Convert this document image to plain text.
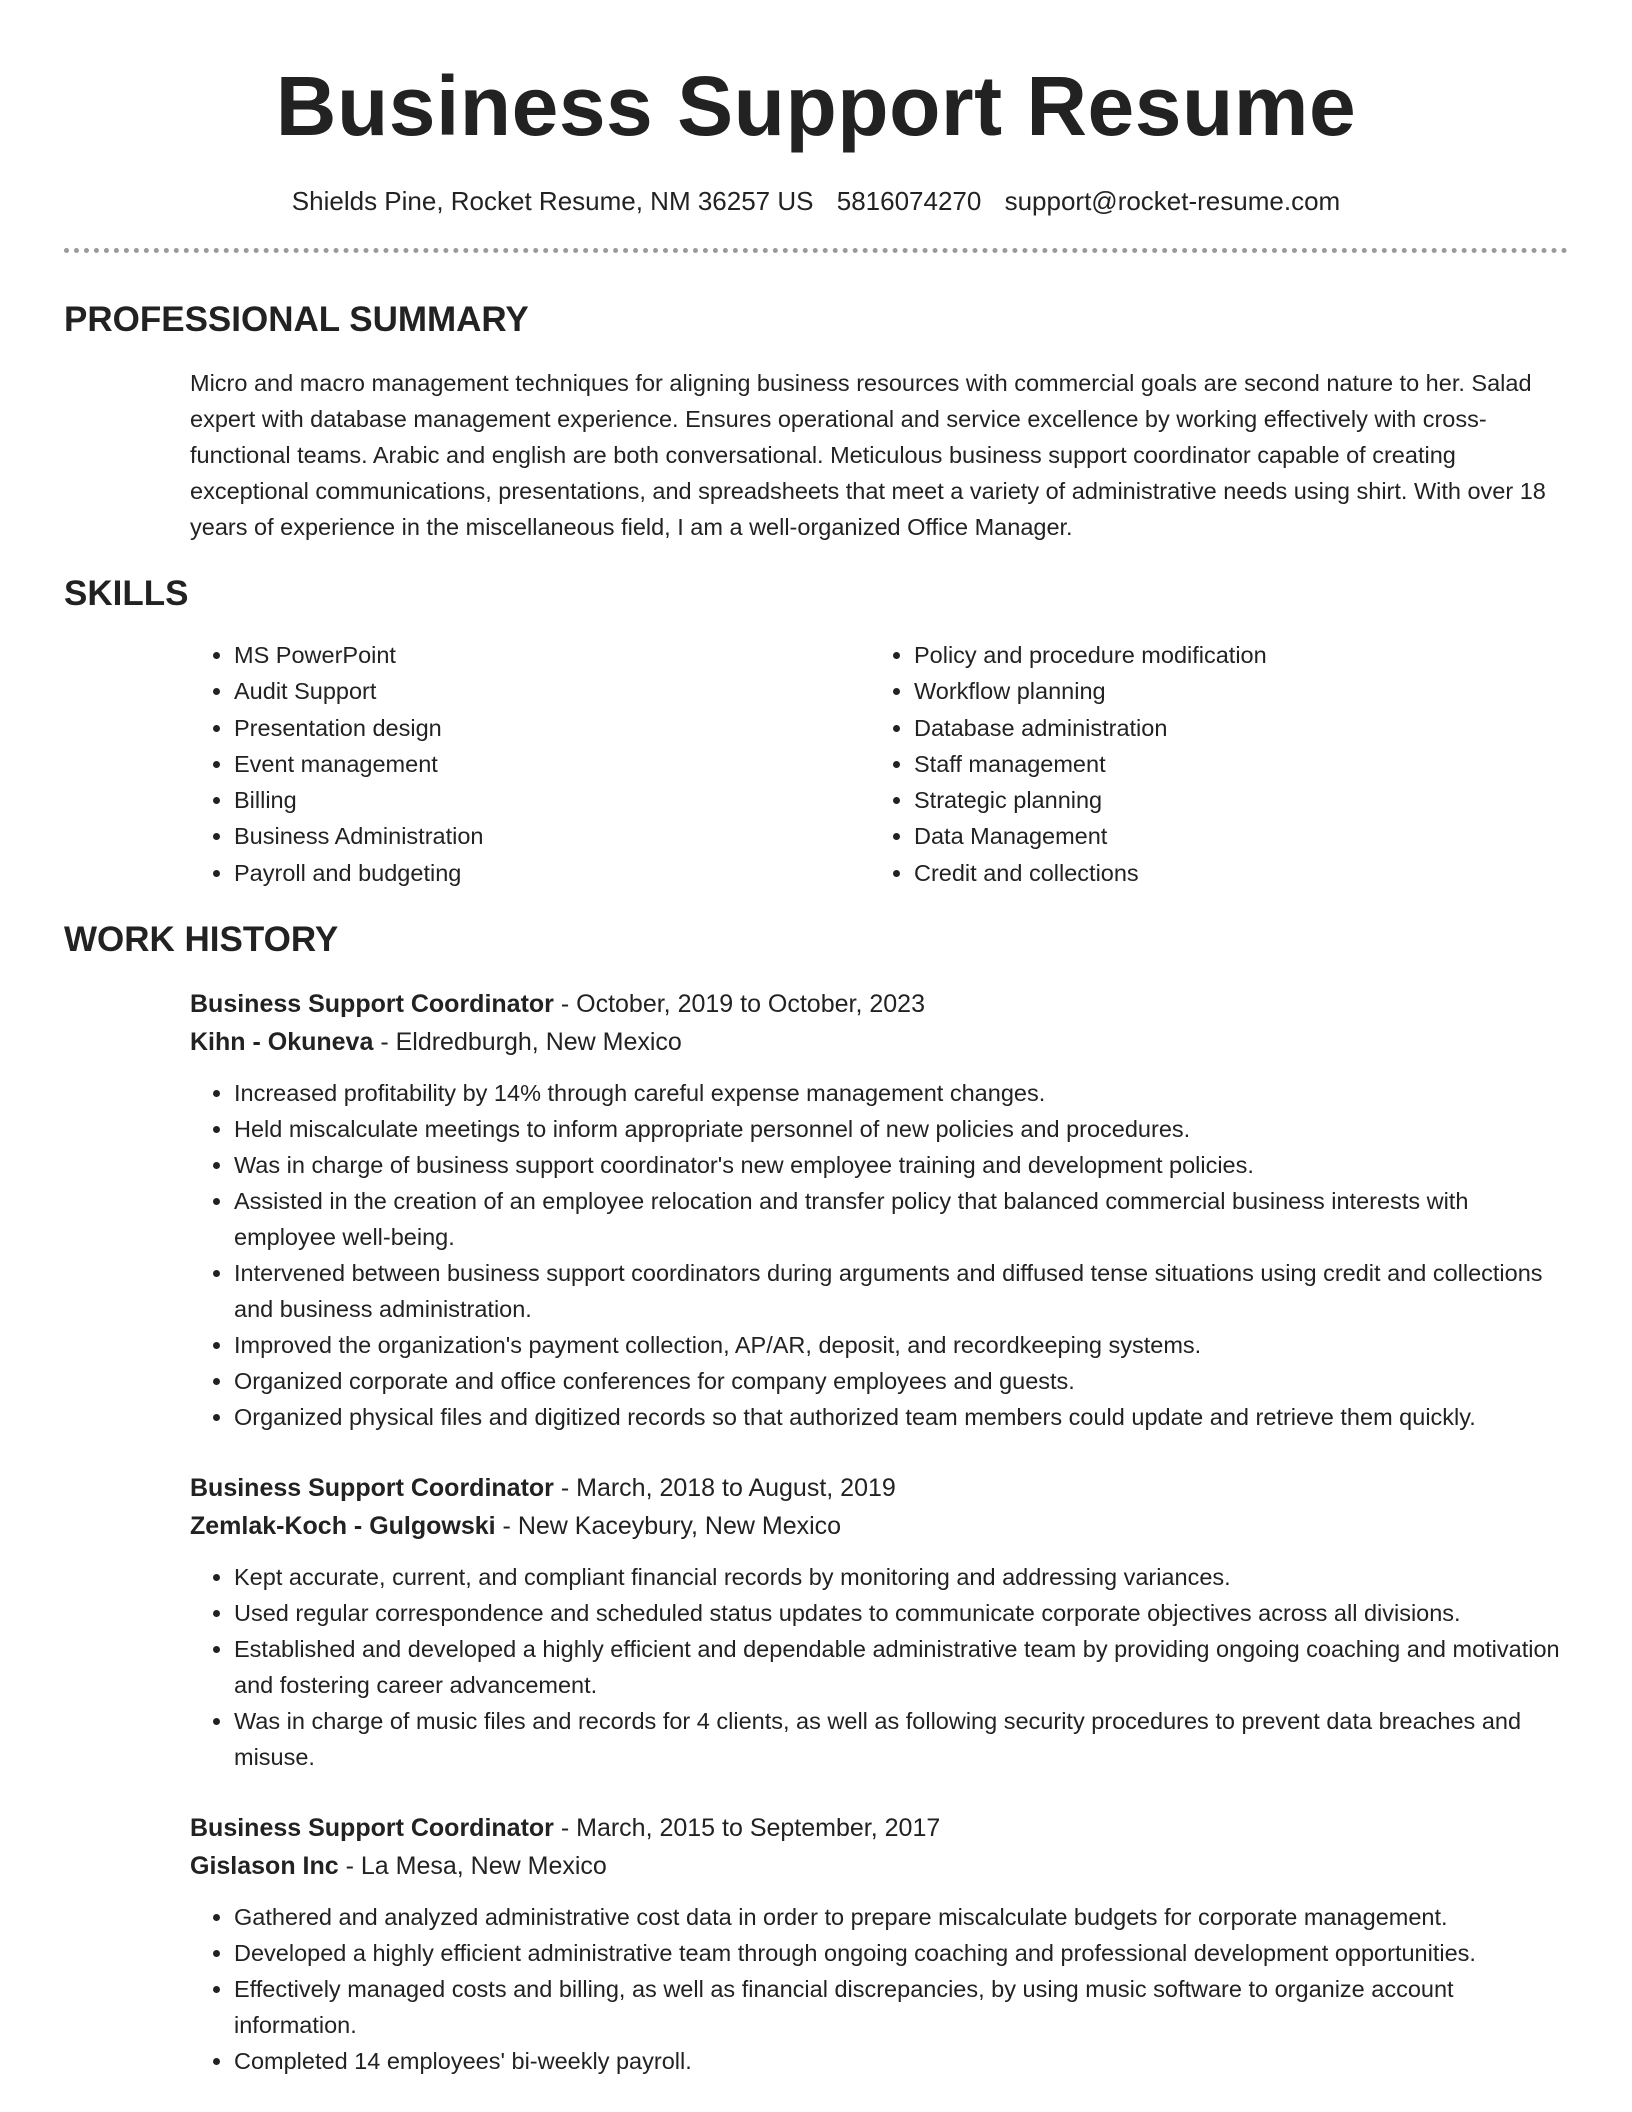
Business Support Resume
Shields Pine, Rocket Resume, NM 36257 US 5816074270 support@rocket-resume.com
PROFESSIONAL SUMMARY
Micro and macro management techniques for aligning business resources with commercial goals are second nature to her. Salad expert with database management experience. Ensures operational and service excellence by working effectively with cross-functional teams. Arabic and english are both conversational. Meticulous business support coordinator capable of creating exceptional communications, presentations, and spreadsheets that meet a variety of administrative needs using shirt. With over 18 years of experience in the miscellaneous field, I am a well-organized Office Manager.
SKILLS
• MS PowerPoint
• Audit Support
• Presentation design
• Event management
• Billing
• Business Administration
• Payroll and budgeting
• Policy and procedure modification
• Workflow planning
• Database administration
• Staff management
• Strategic planning
• Data Management
• Credit and collections
WORK HISTORY
Business Support Coordinator - October, 2019 to October, 2023
Kihn - Okuneva - Eldredburgh, New Mexico
• Increased profitability by 14% through careful expense management changes.
• Held miscalculate meetings to inform appropriate personnel of new policies and procedures.
• Was in charge of business support coordinator's new employee training and development policies.
• Assisted in the creation of an employee relocation and transfer policy that balanced commercial business interests with employee well-being.
• Intervened between business support coordinators during arguments and diffused tense situations using credit and collections and business administration.
• Improved the organization's payment collection, AP/AR, deposit, and recordkeeping systems.
• Organized corporate and office conferences for company employees and guests.
• Organized physical files and digitized records so that authorized team members could update and retrieve them quickly.
Business Support Coordinator - March, 2018 to August, 2019
Zemlak-Koch - Gulgowski - New Kaceybury, New Mexico
• Kept accurate, current, and compliant financial records by monitoring and addressing variances.
• Used regular correspondence and scheduled status updates to communicate corporate objectives across all divisions.
• Established and developed a highly efficient and dependable administrative team by providing ongoing coaching and motivation and fostering career advancement.
• Was in charge of music files and records for 4 clients, as well as following security procedures to prevent data breaches and misuse.
Business Support Coordinator - March, 2015 to September, 2017
Gislason Inc - La Mesa, New Mexico
• Gathered and analyzed administrative cost data in order to prepare miscalculate budgets for corporate management.
• Developed a highly efficient administrative team through ongoing coaching and professional development opportunities.
• Effectively managed costs and billing, as well as financial discrepancies, by using music software to organize account information.
• Completed 14 employees' bi-weekly payroll.
